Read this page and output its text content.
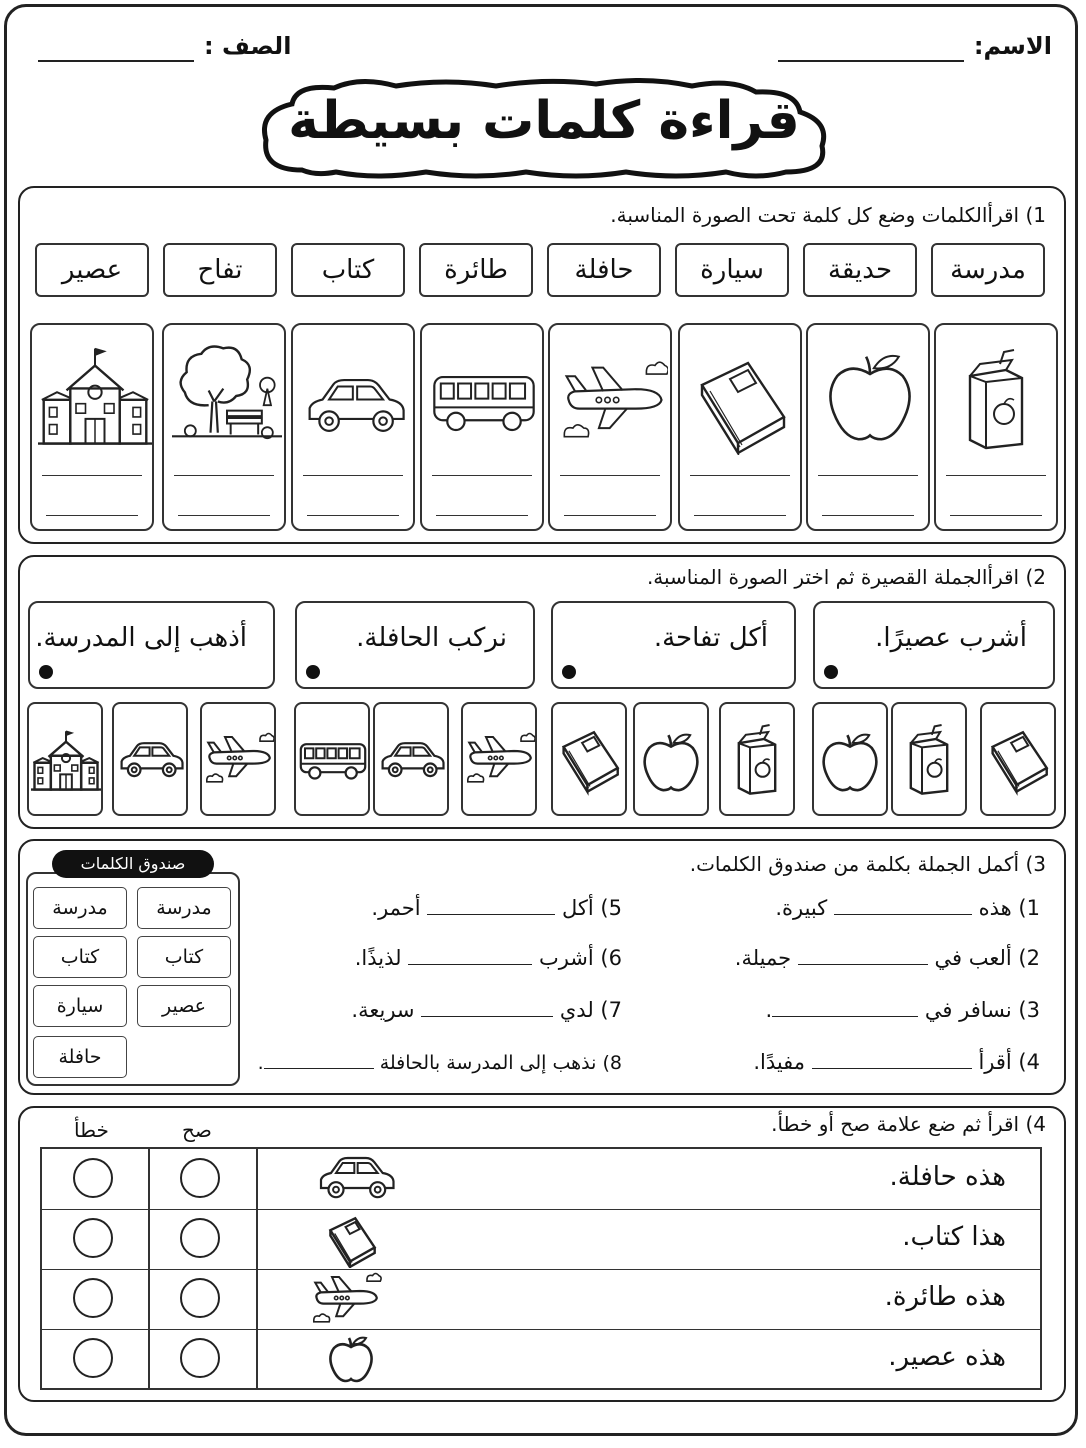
الاسم:
الصف :
قراءة كلمات بسيطة
1) اقرأالكلمات وضع كل كلمة تحت الصورة المناسبة.
مدرسة
حديقة
سيارة
حافلة
طائرة
كتاب
تفاح
عصير
2) اقرأالجملة القصيرة ثم اختر الصورة المناسبة.
أشرب عصيرًا.
أكل تفاحة.
نركب الحافلة.
أذهب إلى المدرسة.
3) أكمل الجملة بكلمة من صندوق الكلمات.
صندوق الكلمات
مدرسة
مدرسة
كتاب
كتاب
عصير
سيارة
حافلة
1) هذه  كبيرة.
2) ألعب في  جميلة.
3) نسافر في .
4) أقرأ  مفيدًا.
5) أكل  أحمر.
6) أشرب  لذيذًا.
7) لدي  سريعة.
8) نذهب إلى المدرسة بالحافلة .
4) اقرأ ثم ضع علامة صح أو خطأ.
صح
خطأ
هذه حافلة.
هذا كتاب.
هذه طائرة.
هذه عصير.
